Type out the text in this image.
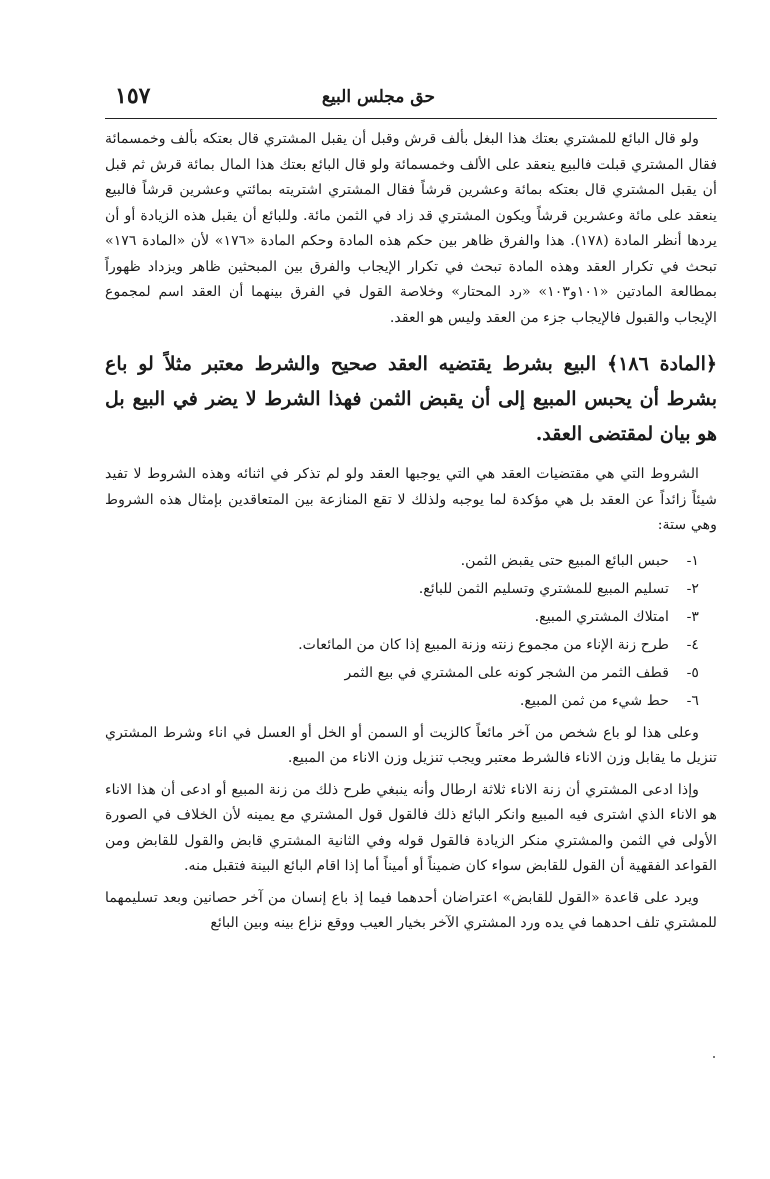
حق مجلس البيع
١٥٧

ولو قال البائع للمشتري بعتك هذا البغل بألف قرش وقبل أن يقبل المشتري قال بعتكه بألف وخمسمائة فقال المشتري قبلت فالبيع ينعقد على الألف وخمسمائة ولو قال البائع بعتك هذا المال بمائة قرش ثم قبل أن يقبل المشتري قال بعتكه بمائة وعشرين قرشاً فقال المشتري اشتريته بمائتي وعشرين قرشاً فالبيع ينعقد على مائة وعشرين قرشاً ويكون المشتري قد زاد في الثمن مائة. وللبائع أن يقبل هذه الزيادة أو أن يردها أنظر المادة (١٧٨). هذا والفرق ظاهر بين حكم هذه المادة وحكم المادة «١٧٦» لأن «المادة ١٧٦» تبحث في تكرار العقد وهذه المادة تبحث في تكرار الإيجاب والفرق بين المبحثين ظاهر ويزداد ظهوراً بمطالعة المادتين «١٠١و١٠٣» «رد المحتار» وخلاصة القول في الفرق بينهما أن العقد اسم لمجموع الإيجاب والقبول فالإيجاب جزء من العقد وليس هو العقد.

﴿المادة ١٨٦﴾ البيع بشرط يقتضيه العقد صحيح والشرط معتبر مثلاً لو باع بشرط أن يحبس المبيع إلى أن يقبض الثمن فهذا الشرط لا يضر في البيع بل هو بيان لمقتضى العقد.

الشروط التي هي مقتضيات العقد هي التي يوجبها العقد ولو لم تذكر في اثنائه وهذه الشروط لا تفيد شيئاً زائداً عن العقد بل هي مؤكدة لما يوجبه ولذلك لا تقع المنازعة بين المتعاقدين بإمثال هذه الشروط وهي ستة:

١-
حبس البائع المبيع حتى يقبض الثمن.
٢-
تسليم المبيع للمشتري وتسليم الثمن للبائع.
٣-
امتلاك المشتري المبيع.
٤-
طرح زنة الإناء من مجموع زنته وزنة المبيع إذا كان من المائعات.
٥-
قطف الثمر من الشجر كونه على المشتري في بيع الثمر
٦-
حط شيء من ثمن المبيع.

وعلى هذا لو باع شخص من آخر مائعاً كالزيت أو السمن أو الخل أو العسل في اناء وشرط المشتري تنزيل ما يقابل وزن الاناء فالشرط معتبر ويجب تنزيل وزن الاناء من المبيع.

وإذا ادعى المشتري أن زنة الاناء ثلاثة ارطال وأنه ينبغي طرح ذلك من زنة المبيع أو ادعى أن هذا الاناء هو الاناء الذي اشترى فيه المبيع وانكر البائع ذلك فالقول قول المشتري مع يمينه لأن الخلاف في الصورة الأولى في الثمن والمشتري منكر الزيادة فالقول قوله وفي الثانية المشتري قابض والقول للقابض ومن القواعد الفقهية أن القول للقابض سواء كان ضميناً أو أميناً أما إذا اقام البائع البينة فتقبل منه.

ويرد على قاعدة «القول للقابض» اعتراضان أحدهما فيما إذ باع إنسان من آخر حصانين وبعد تسليمهما للمشتري تلف احدهما في يده ورد المشتري الآخر بخيار العيب ووقع نزاع بينه وبين البائع
